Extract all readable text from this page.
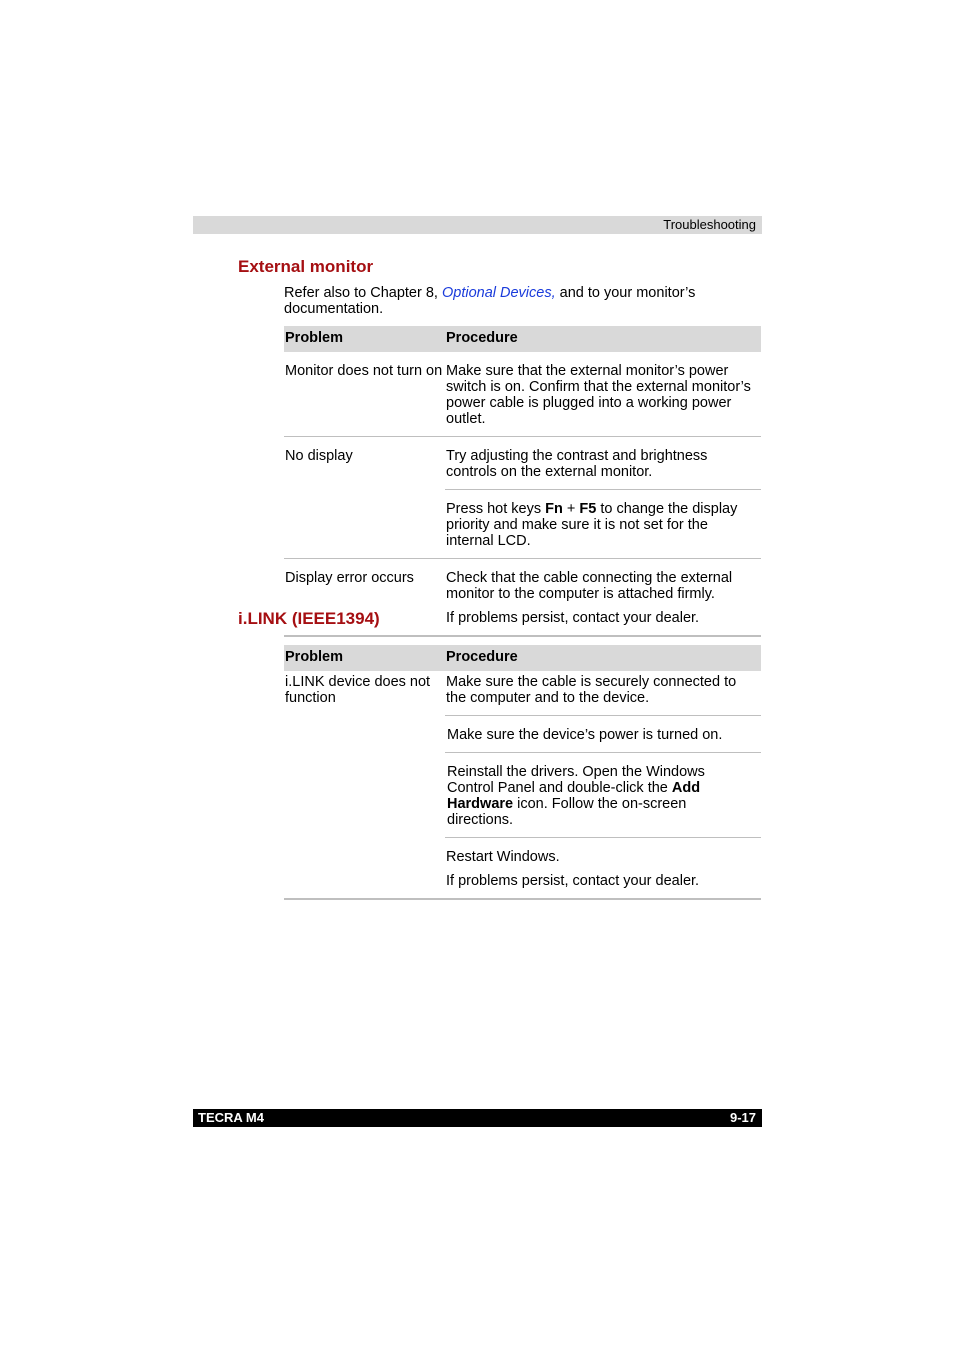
Troubleshooting
External monitor

Refer also to Chapter 8, Optional Devices, and to your monitor’s documentation.

Problem	Procedure
Monitor does not turn on	Make sure that the external monitor’s power switch is on. Confirm that the external monitor’s power cable is plugged into a working power outlet.

No display	Try adjusting the contrast and brightness controls on the external monitor.
Press hot keys Fn + F5 to change the display priority and make sure it is not set for the internal LCD.

Display error occurs	Check that the cable connecting the external monitor to the computer is attached firmly.
If problems persist, contact your dealer.
i.LINK (IEEE1394)
Problem	Procedure
i.LINK device does not function	Make sure the cable is securely connected to the computer and to the device.
Make sure the device’s power is turned on.
Reinstall the drivers. Open the Windows Control Panel and double-click the Add Hardware icon. Follow the on-screen directions.
Restart Windows.
If problems persist, contact your dealer.
TECRA M4	9-17
